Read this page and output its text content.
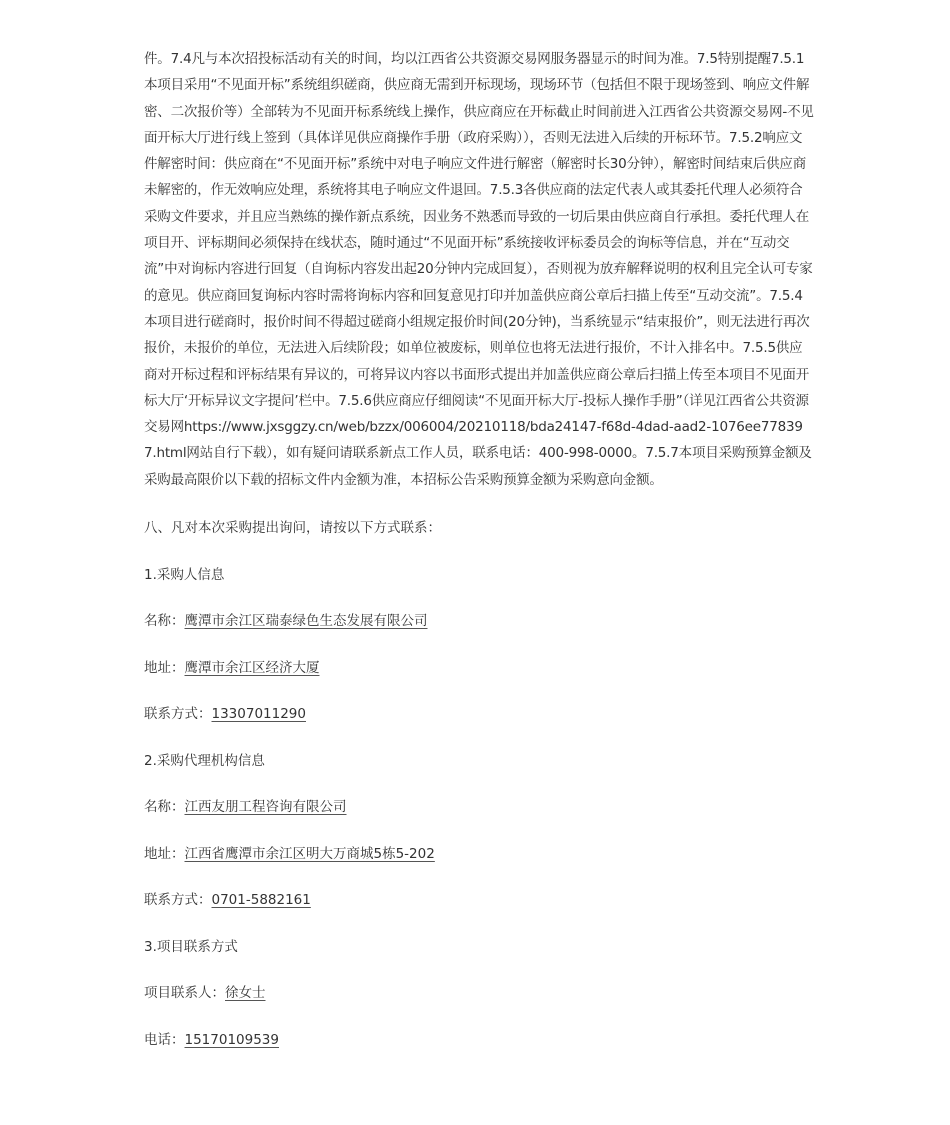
件。7.4凡与本次招投标活动有关的时间，均以江西省公共资源交易网服务器显示的时间为准。7.5特别提醒7.5.1本项目采用“不见面开标”系统组织磋商，供应商无需到开标现场，现场环节（包括但不限于现场签到、响应文件解密、二次报价等）全部转为不见面开标系统线上操作，供应商应在开标截止时间前进入江西省公共资源交易网-不见面开标大厅进行线上签到（具体详见供应商操作手册（政府采购）），否则无法进入后续的开标环节。7.5.2响应文件解密时间：供应商在“不见面开标”系统中对电子响应文件进行解密（解密时长30分钟），解密时间结束后供应商未解密的，作无效响应处理，系统将其电子响应文件退回。7.5.3各供应商的法定代表人或其委托代理人必须符合采购文件要求，并且应当熟练的操作新点系统，因业务不熟悉而导致的一切后果由供应商自行承担。委托代理人在项目开、评标期间必须保持在线状态，随时通过“不见面开标”系统接收评标委员会的询标等信息，并在“互动交流”中对询标内容进行回复（自询标内容发出起20分钟内完成回复），否则视为放弃解释说明的权利且完全认可专家的意见。供应商回复询标内容时需将询标内容和回复意见打印并加盖供应商公章后扫描上传至“互动交流”。7.5.4本项目进行磋商时，报价时间不得超过磋商小组规定报价时间(20分钟)，当系统显示“结束报价”，则无法进行再次报价，未报价的单位，无法进入后续阶段；如单位被废标，则单位也将无法进行报价，不计入排名中。7.5.5供应商对开标过程和评标结果有异议的，可将异议内容以书面形式提出并加盖供应商公章后扫描上传至本项目不见面开标大厅‘开标异议文字提问’栏中。7.5.6供应商应仔细阅读“不见面开标大厅-投标人操作手册”（详见江西省公共资源交易网https://www.jxsggzy.cn/web/bzzx/006004/20210118/bda24147-f68d-4dad-aad2-1076ee778397.html网站自行下载），如有疑问请联系新点工作人员，联系电话：400-998-0000。7.5.7本项目采购预算金额及采购最高限价以下载的招标文件内金额为准，本招标公告采购预算金额为采购意向金额。

八、凡对本次采购提出询问，请按以下方式联系：

1.采购人信息

名称：鹰潭市余江区瑞泰绿色生态发展有限公司

地址：鹰潭市余江区经济大厦

联系方式：13307011290

2.采购代理机构信息

名称：江西友朋工程咨询有限公司

地址：江西省鹰潭市余江区明大万商城5栋5-202

联系方式：0701-5882161

3.项目联系方式

项目联系人：徐女士

电话：15170109539
